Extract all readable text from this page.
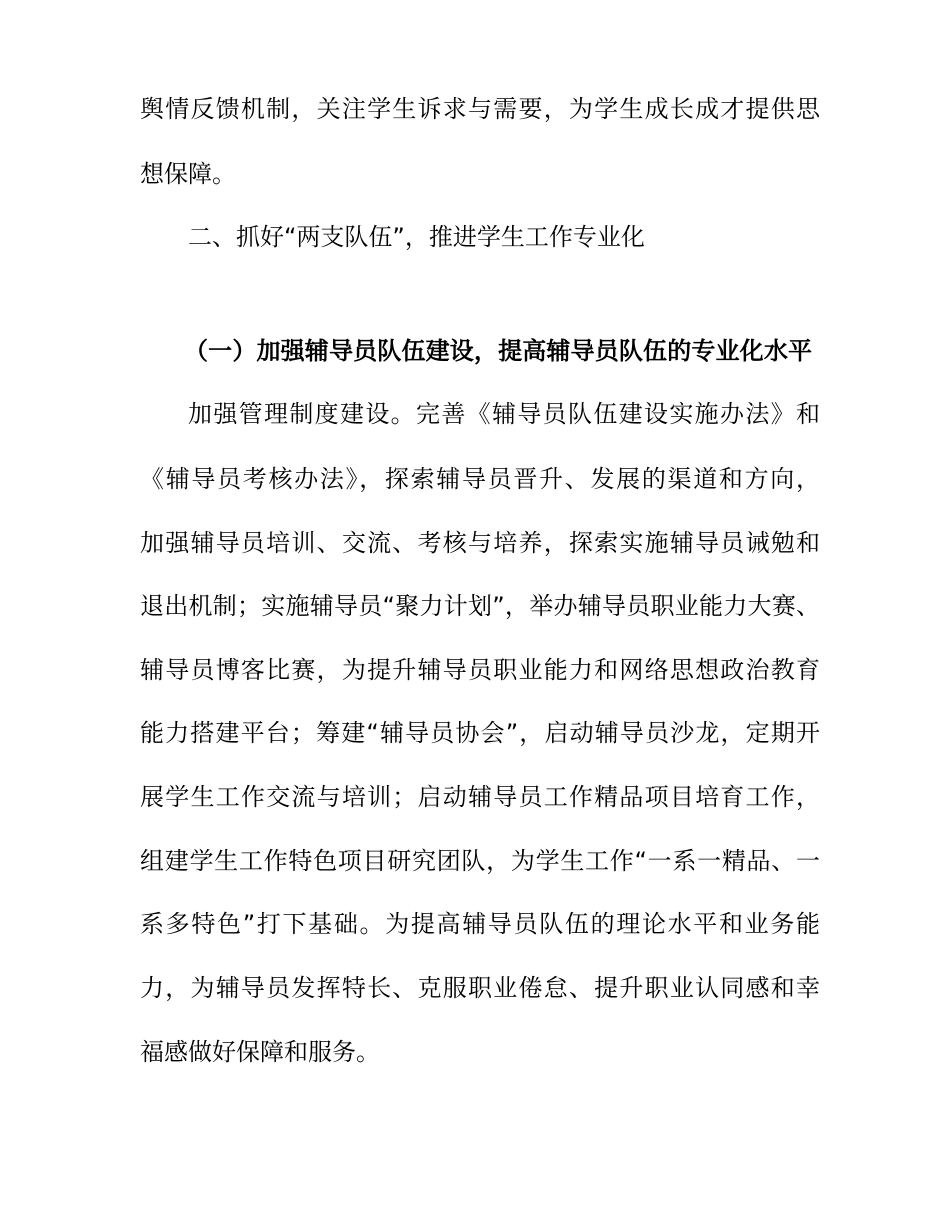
舆情反馈机制，关注学生诉求与需要，为学生成长成才提供思
想保障。
二、抓好“两支队伍”，推进学生工作专业化
（一）加强辅导员队伍建设，提高辅导员队伍的专业化水平
加强管理制度建设。完善《辅导员队伍建设实施办法》和
《辅导员考核办法》，探索辅导员晋升、发展的渠道和方向，
加强辅导员培训、交流、考核与培养，探索实施辅导员诫勉和
退出机制；实施辅导员“聚力计划”，举办辅导员职业能力大赛、
辅导员博客比赛，为提升辅导员职业能力和网络思想政治教育
能力搭建平台；筹建“辅导员协会”，启动辅导员沙龙，定期开
展学生工作交流与培训；启动辅导员工作精品项目培育工作，
组建学生工作特色项目研究团队，为学生工作“一系一精品、一
系多特色”打下基础。为提高辅导员队伍的理论水平和业务能
力，为辅导员发挥特长、克服职业倦怠、提升职业认同感和幸
福感做好保障和服务。
